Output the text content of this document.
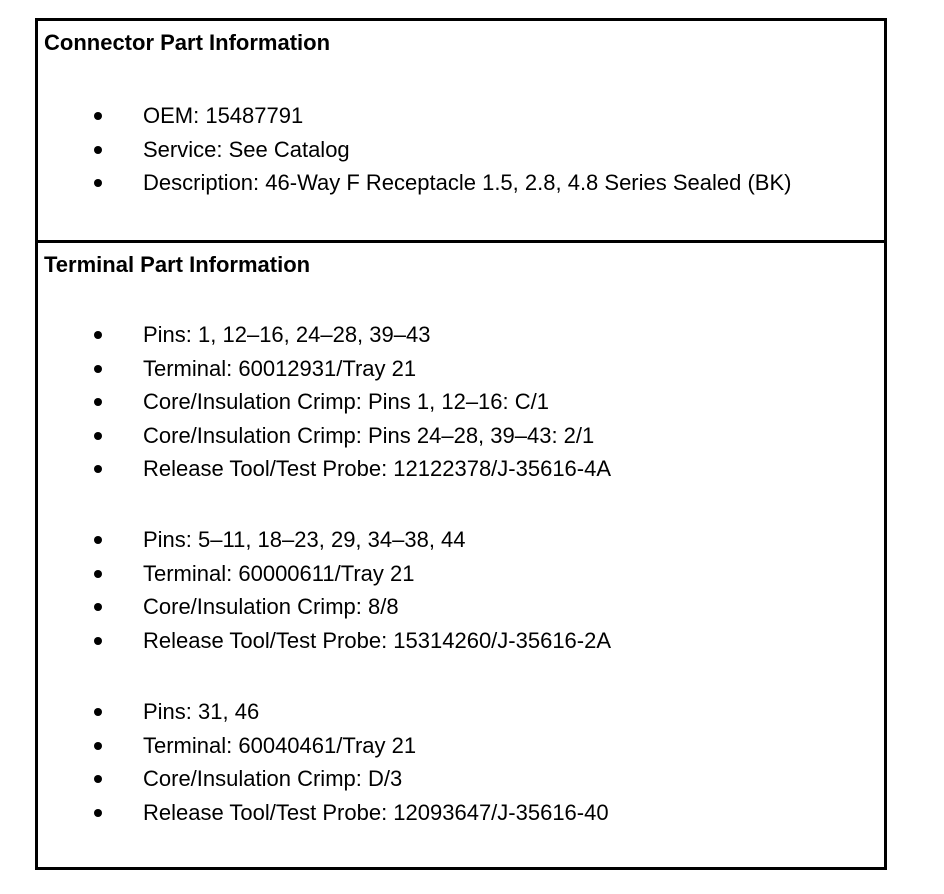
Connector Part Information
OEM: 15487791
Service: See Catalog
Description: 46-Way F Receptacle 1.5, 2.8, 4.8 Series Sealed (BK)
Terminal Part Information
Pins: 1, 12–16, 24–28, 39–43
Terminal: 60012931/Tray 21
Core/Insulation Crimp: Pins 1, 12–16: C/1
Core/Insulation Crimp: Pins 24–28, 39–43: 2/1
Release Tool/Test Probe: 12122378/J-35616-4A
Pins: 5–11, 18–23, 29, 34–38, 44
Terminal: 60000611/Tray 21
Core/Insulation Crimp: 8/8
Release Tool/Test Probe: 15314260/J-35616-2A
Pins: 31, 46
Terminal: 60040461/Tray 21
Core/Insulation Crimp: D/3
Release Tool/Test Probe: 12093647/J-35616-40
